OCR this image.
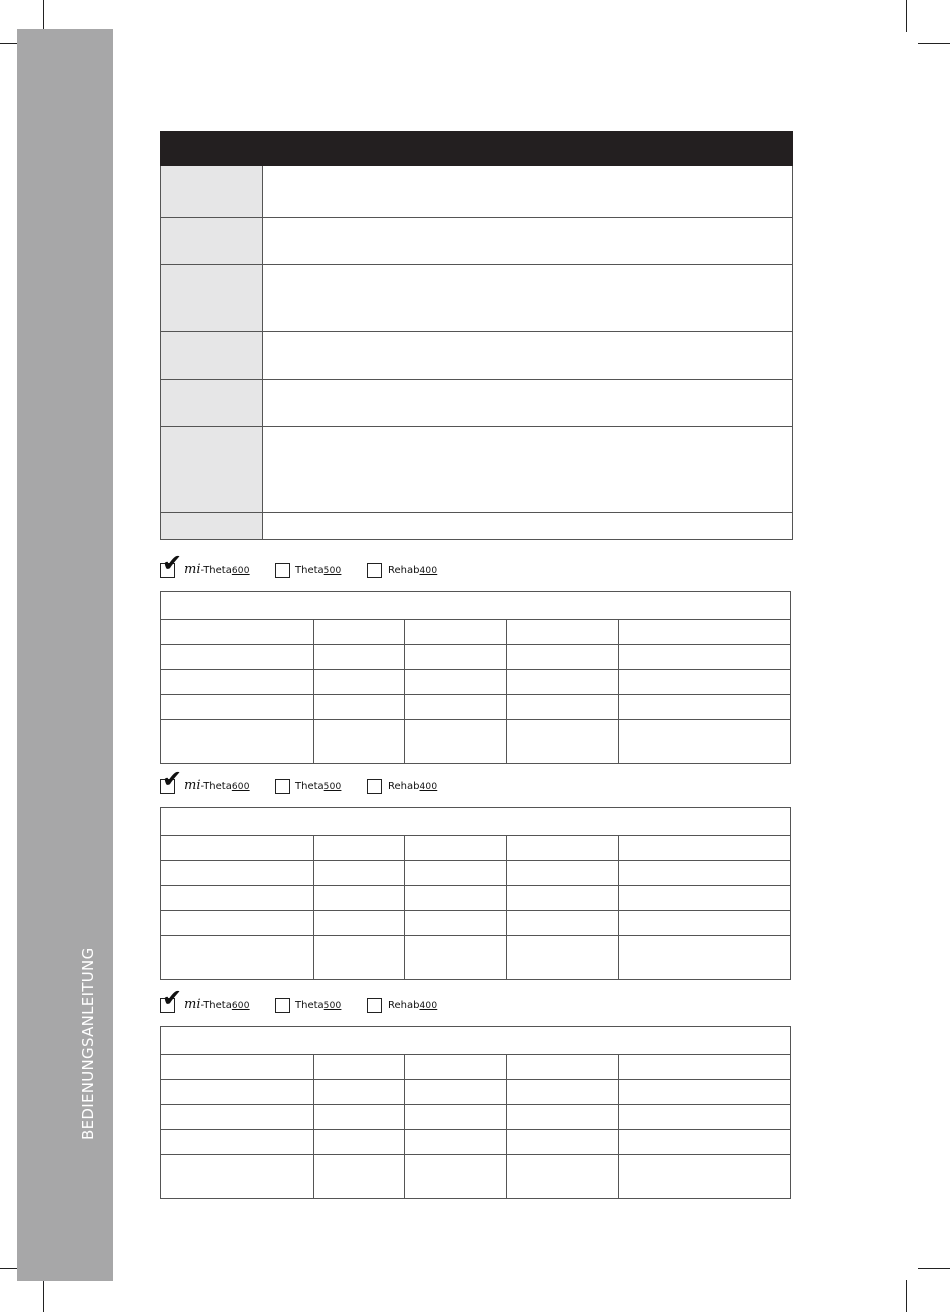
BEDIENUNGSANLEITUNG

✔ mi-Theta600	Theta500	Rehab400

✔ mi-Theta600	Theta500	Rehab400

✔ mi-Theta600	Theta500	Rehab400
